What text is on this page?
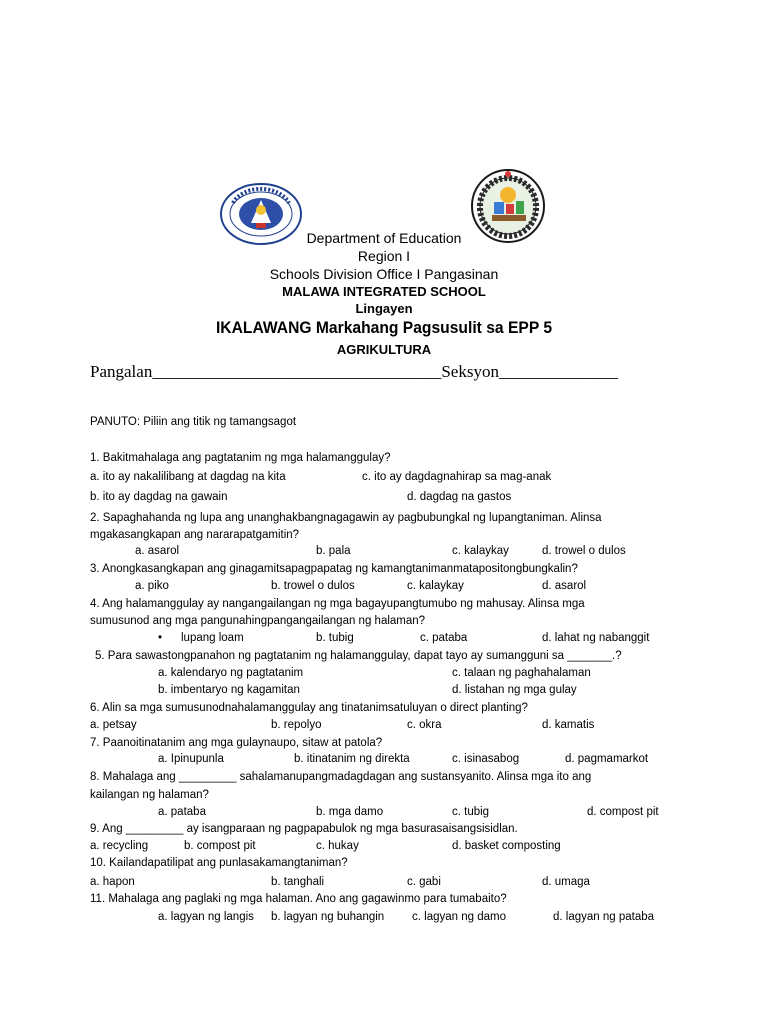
Department of Education
Region I
Schools Division Office I Pangasinan
MALAWA INTEGRATED SCHOOL
Lingayen
IKALAWANG Markahang Pagsusulit sa EPP 5
AGRIKULTURA
Pangalan__________________________________Seksyon______________
PANUTO: Piliin ang titik ng tamangsagot
1. Bakitmahalaga ang pagtatanim ng mga halamanggulay?
a. ito ay nakalilibang at dagdag na kita	c. ito ay dagdagnahirap sa mag-anak
b. ito ay dagdag na gawain	d. dagdag na gastos
2. Sapaghahanda ng lupa ang unanghakbangnagagawin ay pagbubungkal ng lupangtaniman. Alinsa
mgakasangkapan ang nararapatgamitin?
a. asarol	b. pala	c. kalaykay	d. trowel o dulos
3. Anongkasangkapan ang ginagamitsapagpapatag ng kamangtanimanmatapositongbungkalin?
a. piko	b. trowel o dulos	c. kalaykay	d. asarol
4. Ang halamanggulay ay nangangailangan ng mga bagayupangtumubo ng mahusay. Alinsa mga
sumusunod ang mga pangunahingpangangailangan ng halaman?
• lupang loam	b. tubig	c. pataba	d. lahat ng nabanggit
5. Para sawastongpanahon ng pagtatanim ng halamanggulay, dapat tayo ay sumangguni sa _______.?
a. kalendaryo ng pagtatanim	c. talaan ng paghahalaman
b. imbentaryo ng kagamitan	d. listahan ng mga gulay
6. Alin sa mga sumusunodnahalamanggulay ang tinatanimsatuluyan o direct planting?
a. petsay	b. repolyo	c. okra	d. kamatis
7. Paanoitinatanim ang mga gulaynaupo, sitaw at patola?
a. Ipinupunla	b. itinatanim ng direkta	c. isinasabog	d. pagmamarkot
8. Mahalaga ang _________ sahalamanupangmadagdagan ang sustansyanito. Alinsa mga ito ang
kailangan ng halaman?
a. pataba	b. mga damo	c. tubig	d. compost pit
9. Ang _________ ay isangparaan ng pagpapabulok ng mga basurasaisangsisidlan.
a. recycling	b. compost pit	c. hukay	d. basket composting
10. Kailandapatilipat ang punlasakamangtaniman?
a. hapon	b. tanghali	c. gabi	d. umaga
11. Mahalaga ang paglaki ng mga halaman. Ano ang gagawinmo para tumabaito?
a. lagyan ng langis b. lagyan ng buhangin c. lagyan ng damo	d. lagyan ng pataba
